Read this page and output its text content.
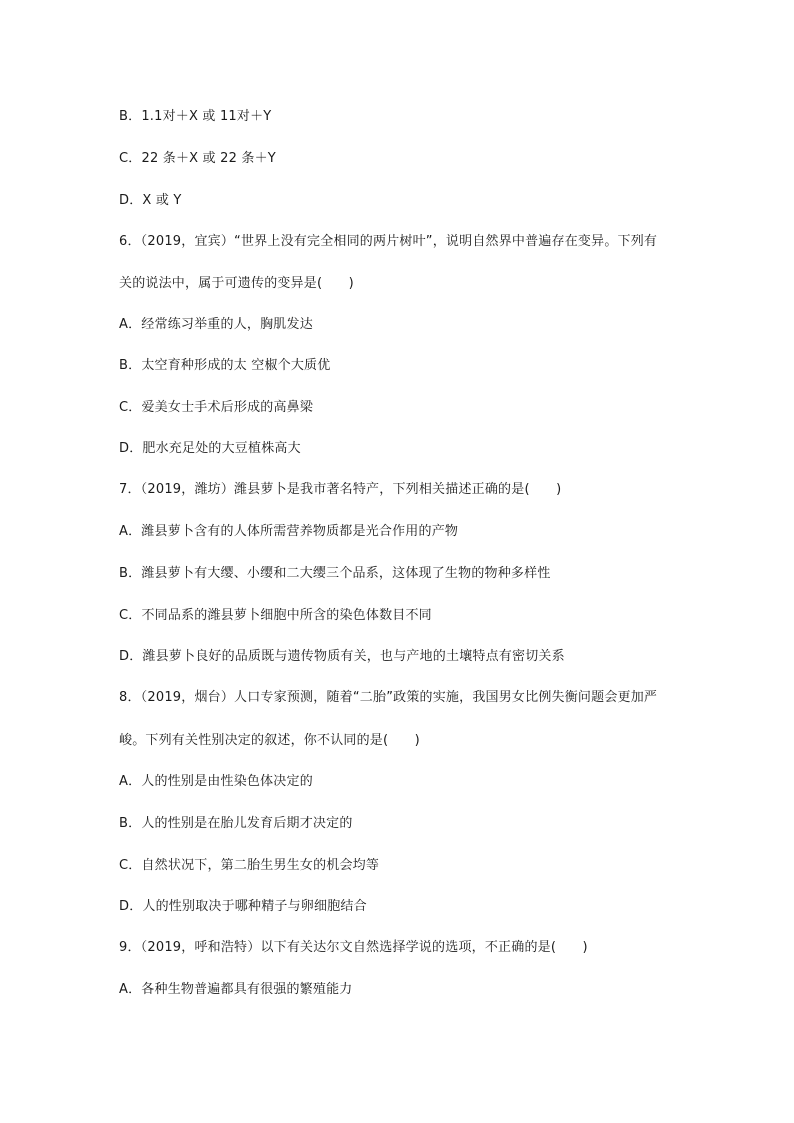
B．1.1对＋X 或 11对＋Y
C．22 条＋X 或 22 条＋Y
D．X 或 Y
6．（2019，宜宾）“世界上没有完全相同的两片树叶”，说明自然界中普遍存在变异。下列有
关的说法中，属于可遗传的变异是(　　)
A．经常练习举重的人，胸肌发达
B．太空育种形成的太 空椒个大质优
C．爱美女士手术后形成的高鼻梁
D．肥水充足处的大豆植株高大
7．（2019，潍坊）潍县萝卜是我市著名特产，下列相关描述正确的是(　　)
A．潍县萝卜含有的人体所需营养物质都是光合作用的产物
B．潍县萝卜有大缨、小缨和二大缨三个品系，这体现了生物的物种多样性
C．不同品系的潍县萝卜细胞中所含的染色体数目不同
D．潍县萝卜良好的品质既与遗传物质有关，也与产地的土壤特点有密切关系
8．（2019，烟台）人口专家预测，随着“二胎”政策的实施，我国男女比例失衡问题会更加严
峻。下列有关性别决定的叙述，你不认同的是(　　)
A．人的性别是由性染色体决定的
B．人的性别是在胎儿发育后期才决定的
C．自然状况下，第二胎生男生女的机会均等
D．人的性别取决于哪种精子与卵细胞结合
9．（2019，呼和浩特）以下有关达尔文自然选择学说的选项，不正确的是(　　)
A．各种生物普遍都具有很强的繁殖能力
